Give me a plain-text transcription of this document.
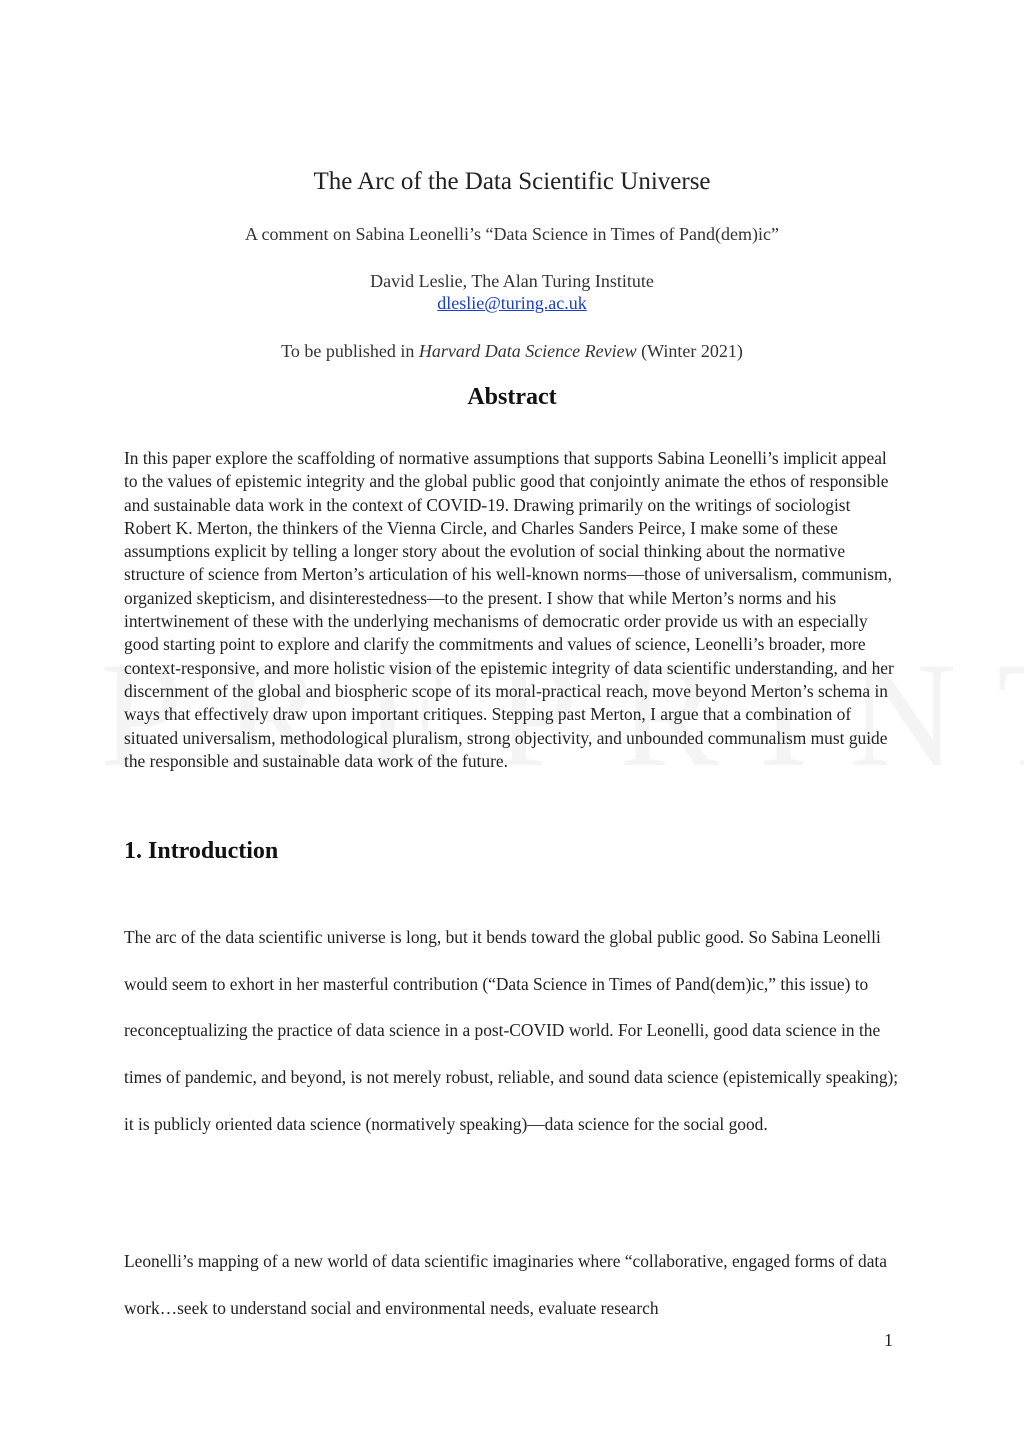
The Arc of the Data Scientific Universe
A comment on Sabina Leonelli’s “Data Science in Times of Pand(dem)ic”
David Leslie, The Alan Turing Institute
dleslie@turing.ac.uk
To be published in Harvard Data Science Review (Winter 2021)
Abstract

In this paper explore the scaffolding of normative assumptions that supports Sabina Leonelli’s implicit appeal to the values of epistemic integrity and the global public good that conjointly animate the ethos of responsible and sustainable data work in the context of COVID-19. Drawing primarily on the writings of sociologist Robert K. Merton, the thinkers of the Vienna Circle, and Charles Sanders Peirce, I make some of these assumptions explicit by telling a longer story about the evolution of social thinking about the normative structure of science from Merton’s articulation of his well-known norms—those of universalism, communism, organized skepticism, and disinterestedness—to the present. I show that while Merton’s norms and his intertwinement of these with the underlying mechanisms of democratic order provide us with an especially good starting point to explore and clarify the commitments and values of science, Leonelli’s broader, more context-responsive, and more holistic vision of the epistemic integrity of data scientific understanding, and her discernment of the global and biospheric scope of its moral-practical reach, move beyond Merton’s schema in ways that effectively draw upon important critiques. Stepping past Merton, I argue that a combination of situated universalism, methodological pluralism, strong objectivity, and unbounded communalism must guide the responsible and sustainable data work of the future.

1. Introduction

The arc of the data scientific universe is long, but it bends toward the global public good. So Sabina Leonelli would seem to exhort in her masterful contribution (“Data Science in Times of Pand(dem)ic,” this issue) to reconceptualizing the practice of data science in a post-COVID world. For Leonelli, good data science in the times of pandemic, and beyond, is not merely robust, reliable, and sound data science (epistemically speaking); it is publicly oriented data science (normatively speaking)—data science for the social good.

Leonelli’s mapping of a new world of data scientific imaginaries where “collaborative, engaged forms of data work…seek to understand social and environmental needs, evaluate research

1
